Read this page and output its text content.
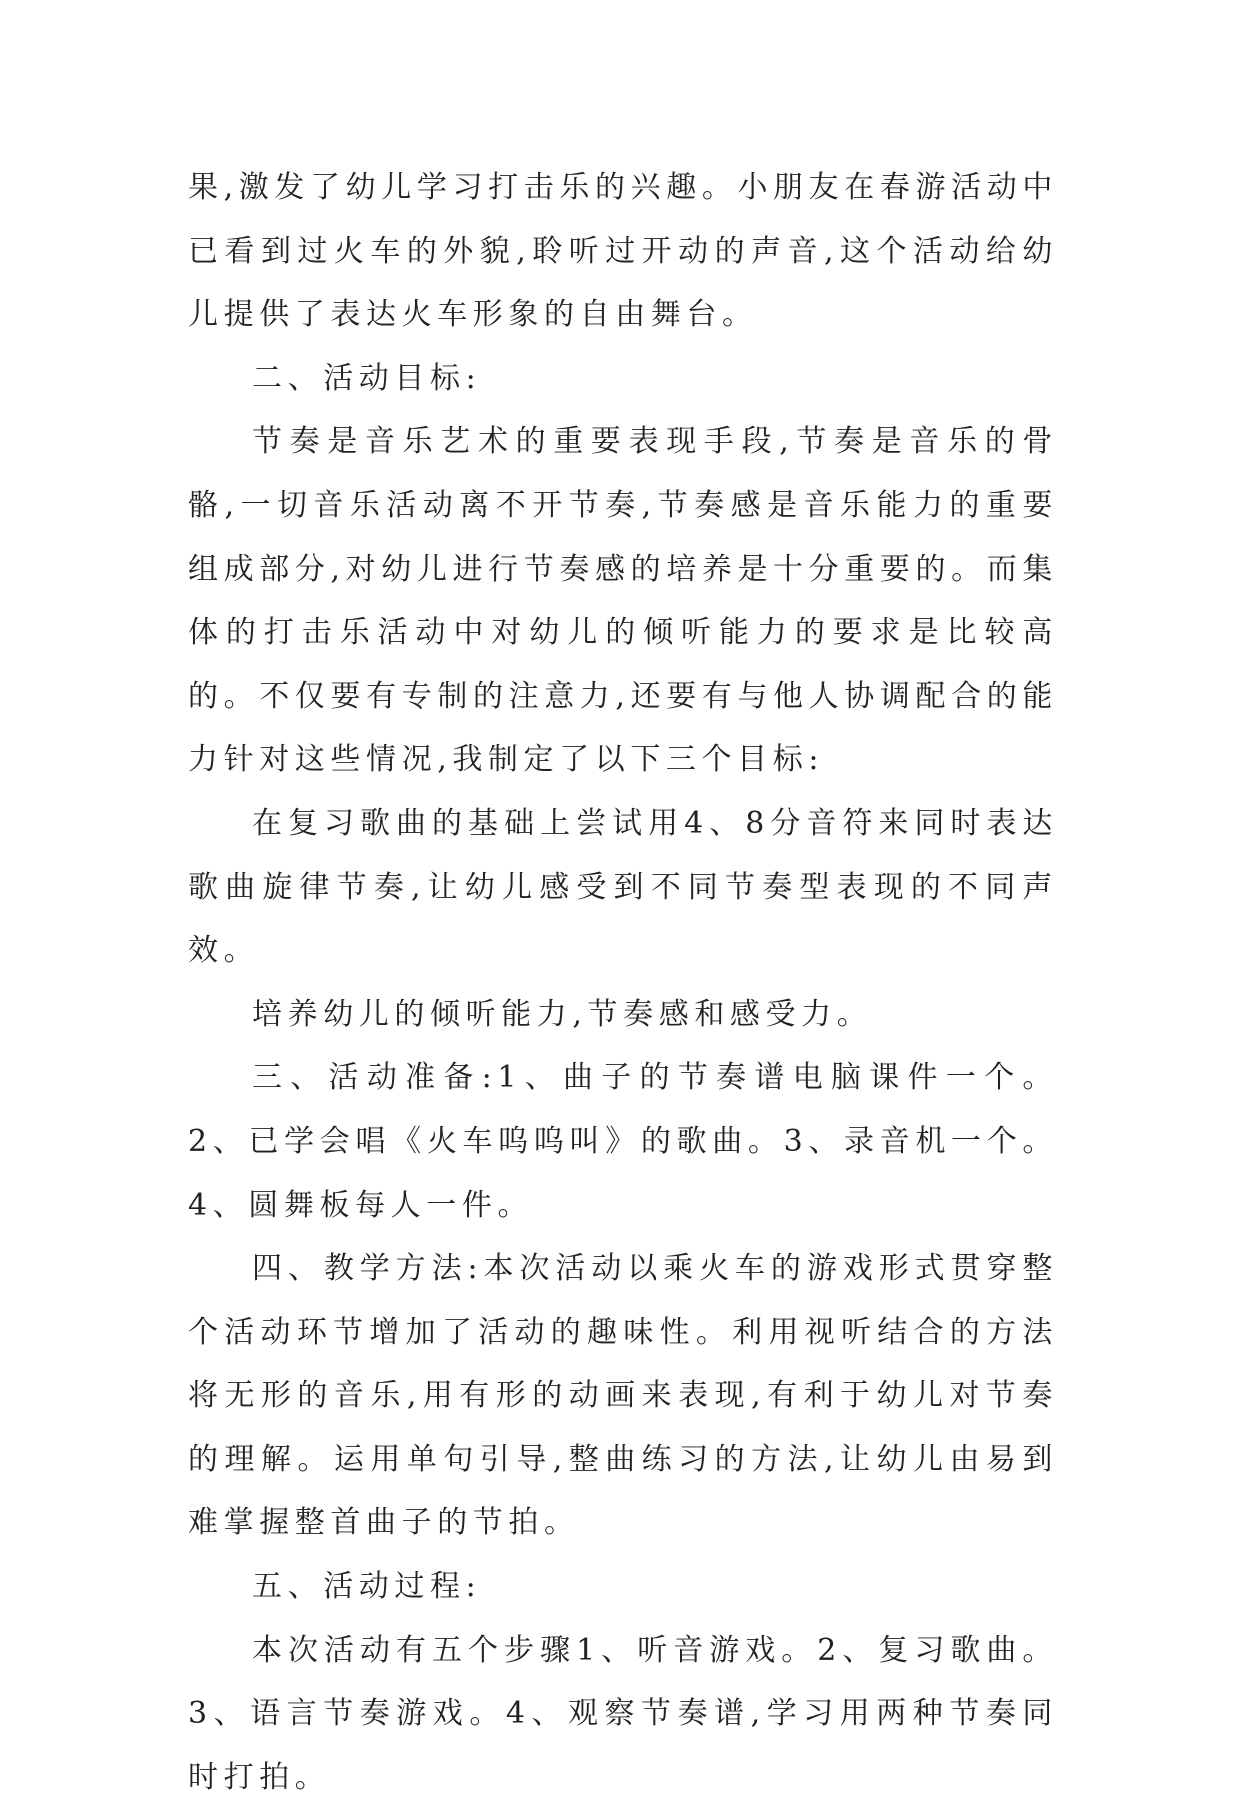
果,激发了幼儿学习打击乐的兴趣。小朋友在春游活动中已看到过火车的外貌,聆听过开动的声音,这个活动给幼儿提供了表达火车形象的自由舞台。

二、活动目标:

节奏是音乐艺术的重要表现手段,节奏是音乐的骨骼,一切音乐活动离不开节奏,节奏感是音乐能力的重要组成部分,对幼儿进行节奏感的培养是十分重要的。而集体的打击乐活动中对幼儿的倾听能力的要求是比较高的。不仅要有专制的注意力,还要有与他人协调配合的能力针对这些情况,我制定了以下三个目标:

在复习歌曲的基础上尝试用4、8分音符来同时表达歌曲旋律节奏,让幼儿感受到不同节奏型表现的不同声效。

培养幼儿的倾听能力,节奏感和感受力。

三、活动准备:1、曲子的节奏谱电脑课件一个。2、已学会唱《火车呜呜叫》的歌曲。3、录音机一个。4、圆舞板每人一件。

四、教学方法:本次活动以乘火车的游戏形式贯穿整个活动环节增加了活动的趣味性。利用视听结合的方法将无形的音乐,用有形的动画来表现,有利于幼儿对节奏的理解。运用单句引导,整曲练习的方法,让幼儿由易到难掌握整首曲子的节拍。

五、活动过程:

本次活动有五个步骤1、听音游戏。2、复习歌曲。3、语言节奏游戏。4、观察节奏谱,学习用两种节奏同时打拍。
